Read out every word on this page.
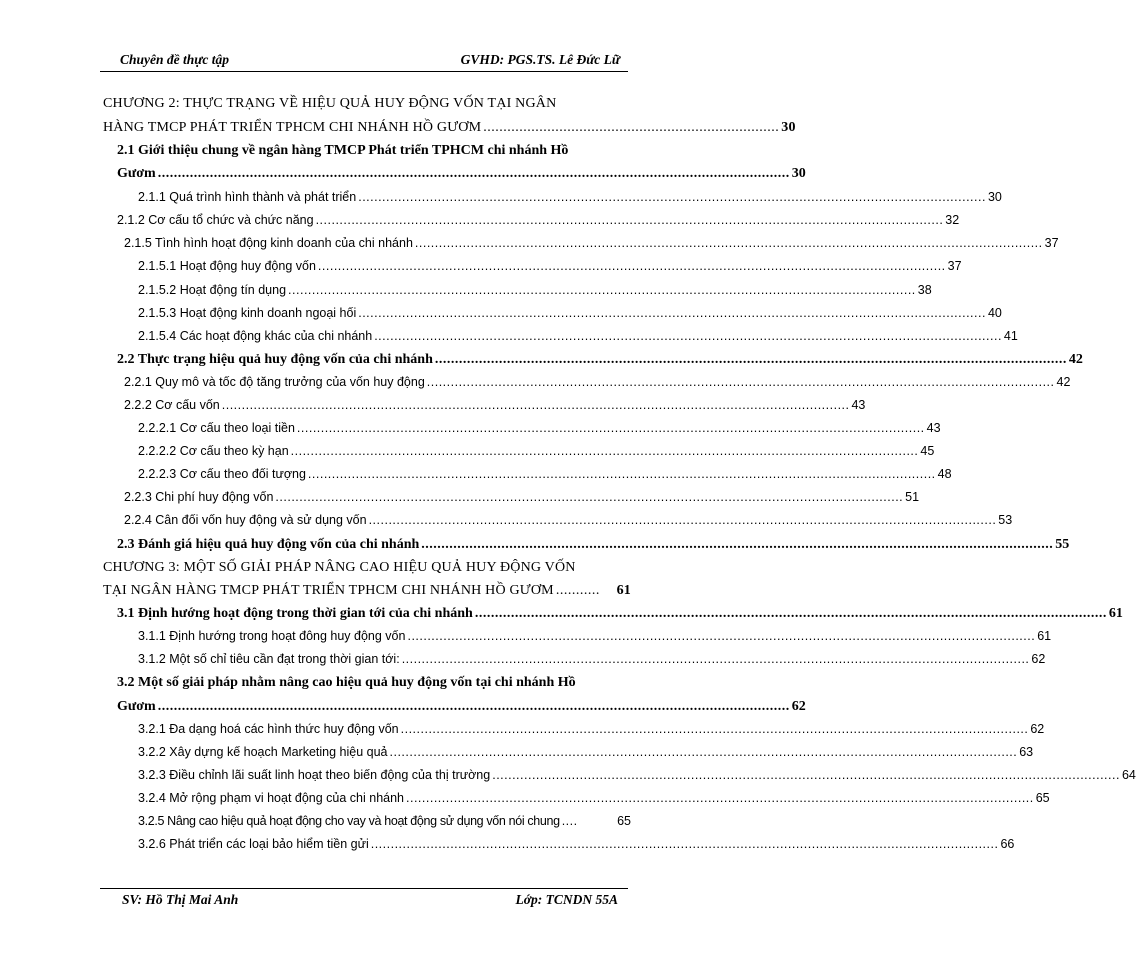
Chuyên đề thực tập	GVHD: PGS.TS. Lê Đức Lữ
CHƯƠNG 2: THỰC TRẠNG VỀ HIỆU QUẢ HUY ĐỘNG VỐN TẠI NGÂN
HÀNG TMCP PHÁT TRIỂN TPHCM CHI NHÁNH HỒ GƯƠM .......................................................................... 30
2.1 Giới thiệu chung về ngân hàng TMCP Phát triển TPHCM chi nhánh Hồ
Gươm .............................................................................................................................................................. 30
2.1.1 Quá trình hình thành và phát triển .............................................................................................................................................................. 30
2.1.2 Cơ cấu tổ chức và chức năng .............................................................................................................................................................. 32
2.1.5 Tình hình hoạt động kinh doanh của chi nhánh .............................................................................................................................................................. 37
2.1.5.1 Hoạt động huy động vốn .............................................................................................................................................................. 37
2.1.5.2 Hoạt động tín dụng .............................................................................................................................................................. 38
2.1.5.3 Hoạt động kinh doanh ngoại hối .............................................................................................................................................................. 40
2.1.5.4 Các hoạt động khác của chi nhánh .............................................................................................................................................................. 41
2.2 Thực trạng hiệu quả huy động vốn của chi nhánh .............................................................................................................................................................. 42
2.2.1 Quy mô và tốc độ tăng trưởng của vốn huy động .............................................................................................................................................................. 42
2.2.2 Cơ cấu vốn .............................................................................................................................................................. 43
2.2.2.1 Cơ cấu theo loại tiền .............................................................................................................................................................. 43
2.2.2.2 Cơ cấu theo kỳ hạn .............................................................................................................................................................. 45
2.2.2.3 Cơ cấu theo đối tượng .............................................................................................................................................................. 48
2.2.3 Chi phí huy động vốn .............................................................................................................................................................. 51
2.2.4 Cân đối vốn huy động và sử dụng vốn .............................................................................................................................................................. 53
2.3 Đánh giá hiệu quả huy động vốn của chi nhánh .............................................................................................................................................................. 55
CHƯƠNG 3: MỘT SỐ GIẢI PHÁP NÂNG CAO HIỆU QUẢ HUY ĐỘNG VỐN
TẠI NGÂN HÀNG TMCP PHÁT TRIỂN TPHCM CHI NHÁNH HỒ GƯƠM ...........	61
3.1 Định hướng hoạt động trong thời gian tới của chi nhánh .............................................................................................................................................................. 61
3.1.1 Định hướng trong hoạt đông huy động vốn .............................................................................................................................................................. 61
3.1.2 Một số chỉ tiêu cần đạt trong thời gian tới: .............................................................................................................................................................. 62
3.2 Một số giải pháp nhằm nâng cao hiệu quả huy động vốn tại chi nhánh Hồ
Gươm .............................................................................................................................................................. 62
3.2.1 Đa dạng hoá các hình thức huy động vốn .............................................................................................................................................................. 62
3.2.2 Xây dựng kế hoạch Marketing hiệu quả .............................................................................................................................................................. 63
3.2.3 Điều chỉnh lãi suất linh hoạt theo biến động của thị trường .............................................................................................................................................................. 64
3.2.4 Mở rộng phạm vi hoạt động của chi nhánh .............................................................................................................................................................. 65
3.2.5 Nâng cao hiệu quả hoạt động cho vay và hoạt động sử dụng vốn nói chung ....	65
3.2.6 Phát triển các loại bảo hiểm tiền gửi .............................................................................................................................................................. 66
SV: Hồ Thị Mai Anh	Lớp: TCNDN 55A
